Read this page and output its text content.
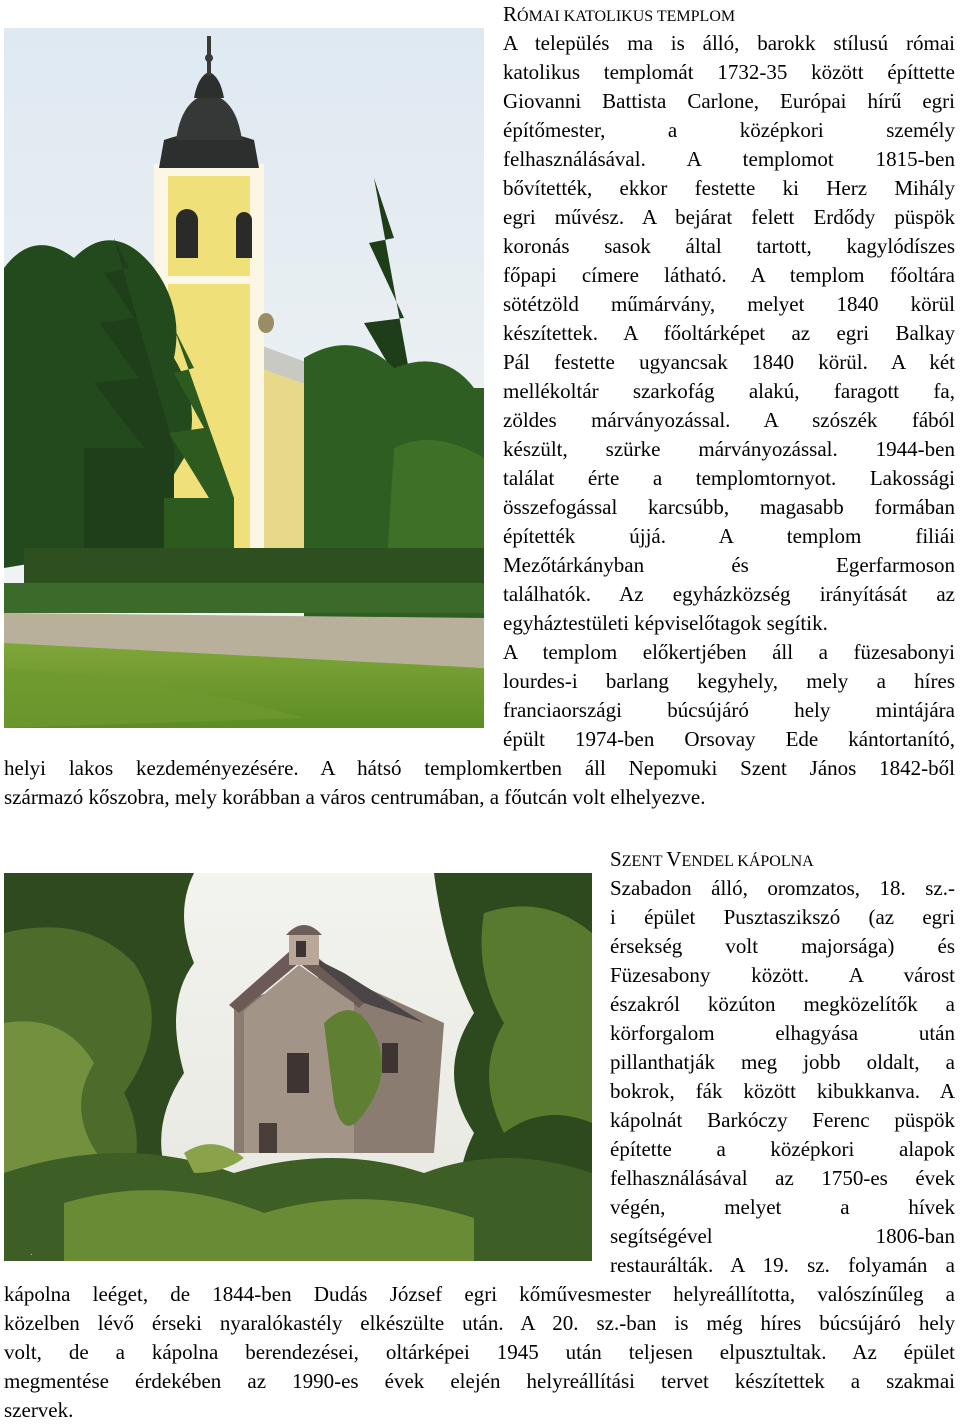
RÓMAI KATOLIKUS TEMPLOM
A település ma is álló, barokk stílusú római
katolikus templomát 1732-35 között építtette
Giovanni Battista Carlone, Európai hírű egri
építőmester, a középkori személy
felhasználásával. A templomot 1815-ben
bővítették, ekkor festette ki Herz Mihály
egri művész. A bejárat felett Erdődy püspök
koronás sasok által tartott, kagylódíszes
főpapi címere látható. A templom főoltára
sötétzöld műmárvány, melyet 1840 körül
készítettek. A főoltárképet az egri Balkay
Pál festette ugyancsak 1840 körül. A két
mellékoltár szarkofág alakú, faragott fa,
zöldes márványozással. A szószék fából
készült, szürke márványozással. 1944-ben
találat érte a templomtornyot. Lakossági
összefogással karcsúbb, magasabb formában
építették újjá. A templom filiái
Mezőtárkányban és Egerfarmoson
találhatók. Az egyházközség irányítását az
egyháztestületi képviselőtagok segítik.
A templom előkertjében áll a füzesabonyi
lourdes-i barlang kegyhely, mely a híres
franciaországi búcsújáró hely mintájára
épült 1974-ben Orsovay Ede kántortanító,
helyi lakos kezdeményezésére. A hátsó templomkertben áll Nepomuki Szent János 1842-ből
származó kőszobra, mely korábban a város centrumában, a főutcán volt elhelyezve.
.
SZENT VENDEL KÁPOLNA
Szabadon álló, oromzatos, 18. sz.-
i épület Pusztaszikszó (az egri
érsekség volt majorsága) és
Füzesabony között. A várost
északról közúton megközelítők a
körforgalom elhagyása után
pillanthatják meg jobb oldalt, a
bokrok, fák között kibukkanva. A
kápolnát Barkóczy Ferenc püspök
építette a középkori alapok
felhasználásával az 1750-es évek
végén, melyet a hívek
segítségével 1806-ban
restaurálták. A 19. sz. folyamán a
kápolna leéget, de 1844-ben Dudás József egri kőművesmester helyreállította, valószínűleg a
közelben lévő érseki nyaralókastély elkészülte után. A 20. sz.-ban is még híres búcsújáró hely
volt, de a kápolna berendezései, oltárképei 1945 után teljesen elpusztultak. Az épület
megmentése érdekében az 1990-es évek elején helyreállítási tervet készítettek a szakmai
szervek.
